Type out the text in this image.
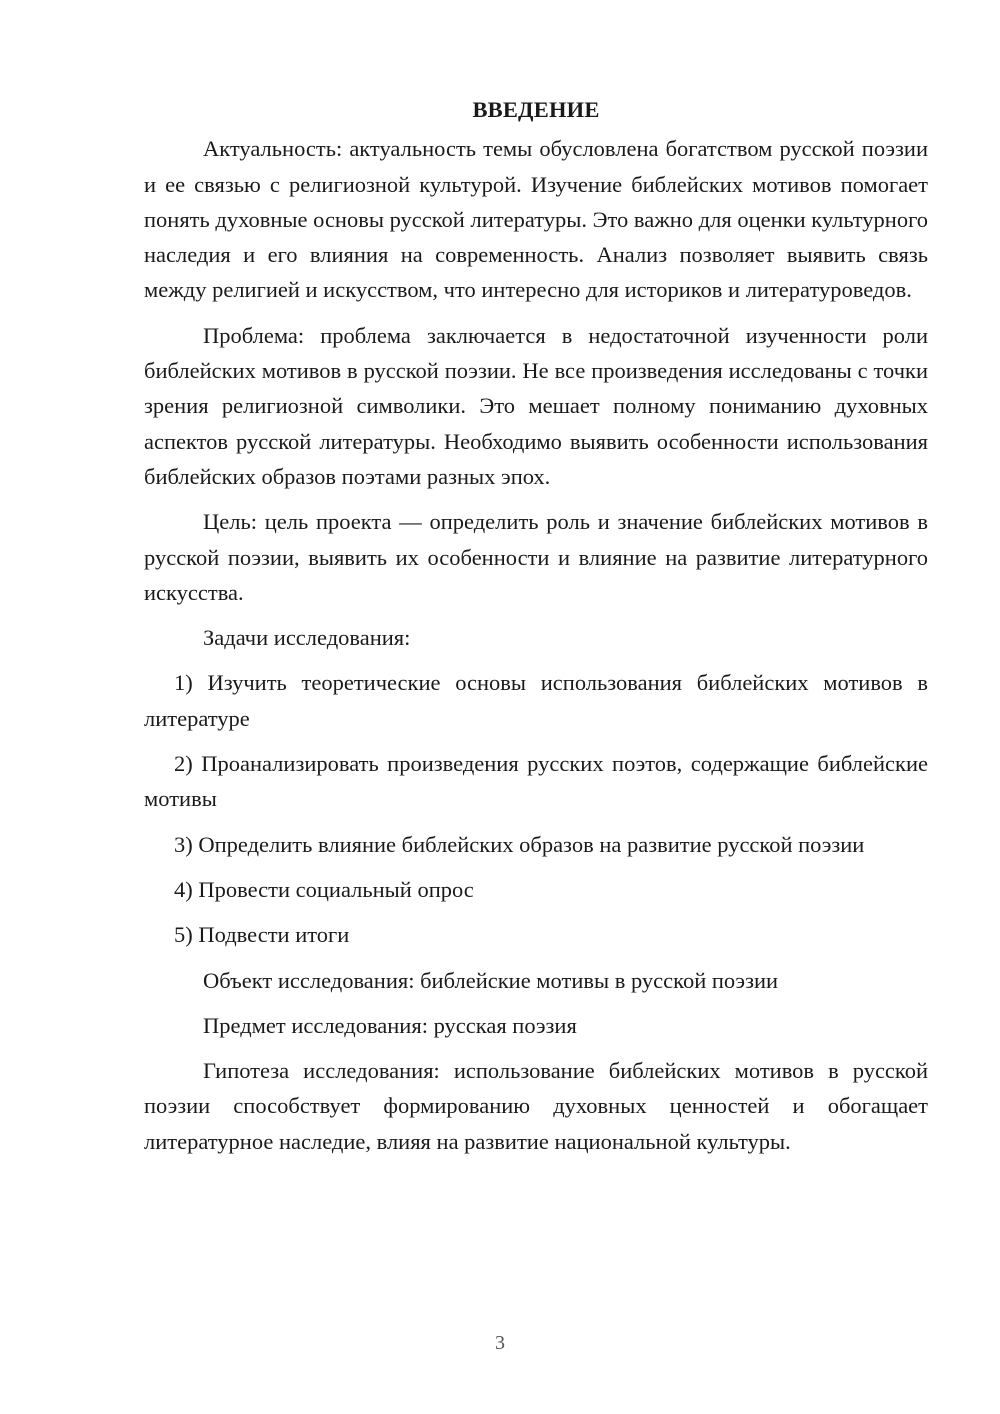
ВВЕДЕНИЕ

Актуальность: актуальность темы обусловлена богатством русской поэзии и ее связью с религиозной культурой. Изучение библейских мотивов помогает понять духовные основы русской литературы. Это важно для оценки культурного наследия и его влияния на современность. Анализ позволяет выявить связь между религией и искусством, что интересно для историков и литературоведов.

Проблема: проблема заключается в недостаточной изученности роли библейских мотивов в русской поэзии. Не все произведения исследованы с точки зрения религиозной символики. Это мешает полному пониманию духовных аспектов русской литературы. Необходимо выявить особенности использования библейских образов поэтами разных эпох.

Цель: цель проекта — определить роль и значение библейских мотивов в русской поэзии, выявить их особенности и влияние на развитие литературного искусства.

Задачи исследования:

1) Изучить теоретические основы использования библейских мотивов в литературе

2) Проанализировать произведения русских поэтов, содержащие библейские мотивы

3) Определить влияние библейских образов на развитие русской поэзии

4) Провести социальный опрос

5) Подвести итоги

Объект исследования: библейские мотивы в русской поэзии

Предмет исследования: русская поэзия

Гипотеза исследования: использование библейских мотивов в русской поэзии способствует формированию духовных ценностей и обогащает литературное наследие, влияя на развитие национальной культуры.

3
